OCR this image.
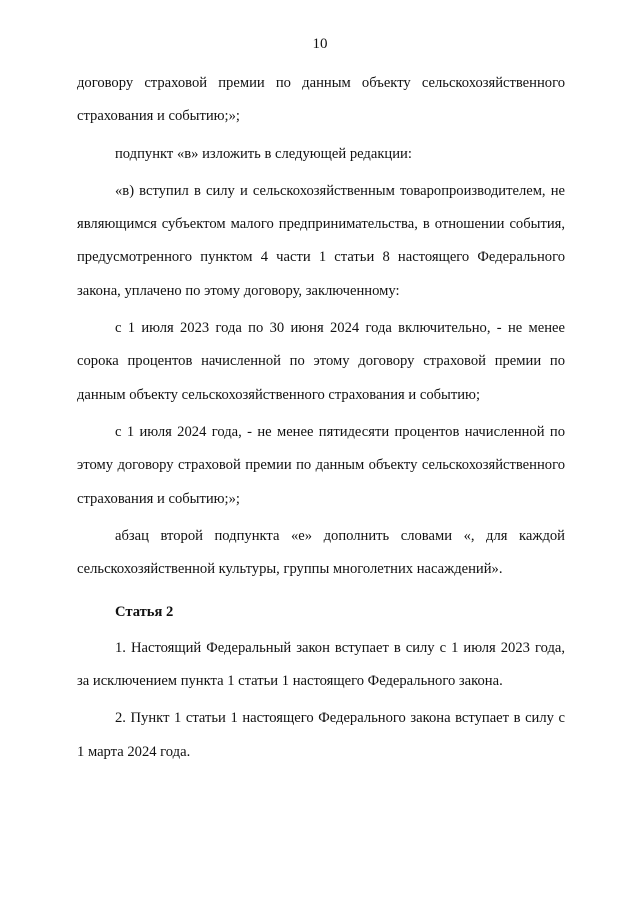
10

договору страховой премии по данным объекту сельскохозяйственного страхования и событию;»;

подпункт «в» изложить в следующей редакции:

«в) вступил в силу и сельскохозяйственным товаропроизводителем, не являющимся субъектом малого предпринимательства, в отношении события, предусмотренного пунктом 4 части 1 статьи 8 настоящего Федерального закона, уплачено по этому договору, заключенному:

с 1 июля 2023 года по 30 июня 2024 года включительно, - не менее сорока процентов начисленной по этому договору страховой премии по данным объекту сельскохозяйственного страхования и событию;

с 1 июля 2024 года, - не менее пятидесяти процентов начисленной по этому договору страховой премии по данным объекту сельскохозяйственного страхования и событию;»;

абзац второй подпункта «е» дополнить словами «, для каждой сельскохозяйственной культуры, группы многолетних насаждений».

Статья 2

1. Настоящий Федеральный закон вступает в силу с 1 июля 2023 года, за исключением пункта 1 статьи 1 настоящего Федерального закона.

2. Пункт 1 статьи 1 настоящего Федерального закона вступает в силу с 1 марта 2024 года.
